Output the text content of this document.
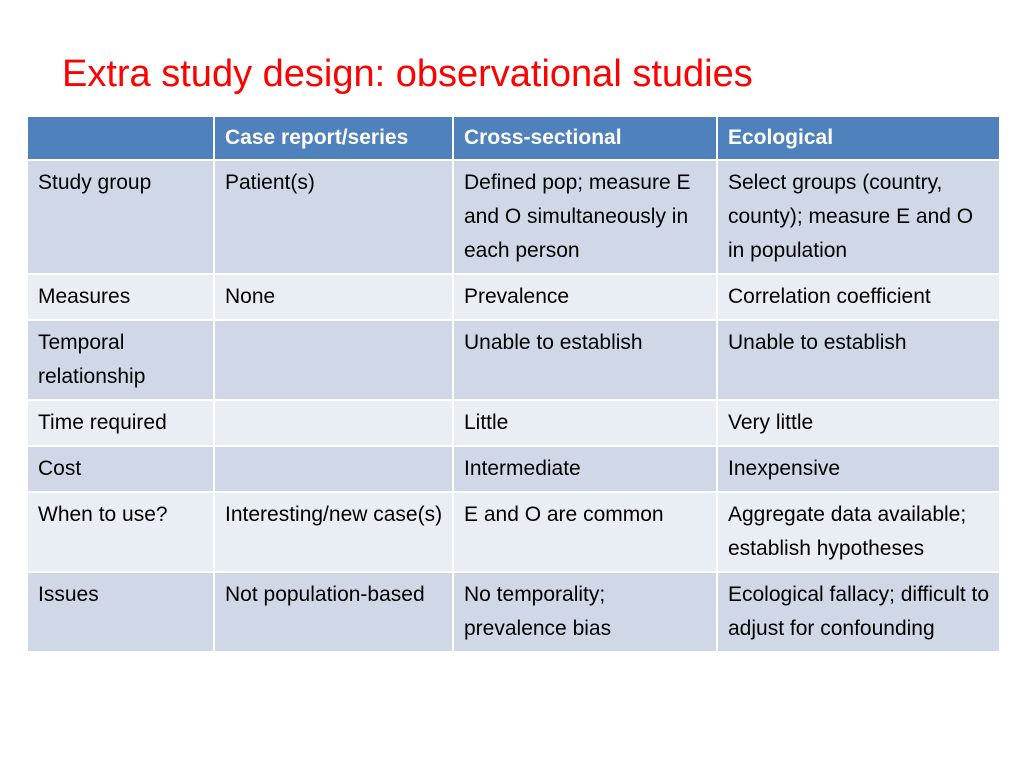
Extra study design: observational studies
	Case report/series	Cross-sectional	Ecological
Study group	Patient(s)	Defined pop; measure E and O simultaneously in each person	Select groups (country, county); measure E and O in population
Measures	None	Prevalence	Correlation coefficient
Temporal relationship		Unable to establish	Unable to establish
Time required		Little	Very little
Cost		Intermediate	Inexpensive
When to use?	Interesting/new case(s)	E and O are common	Aggregate data available; establish hypotheses
Issues	Not population-based	No temporality; prevalence bias	Ecological fallacy; difficult to adjust for confounding
